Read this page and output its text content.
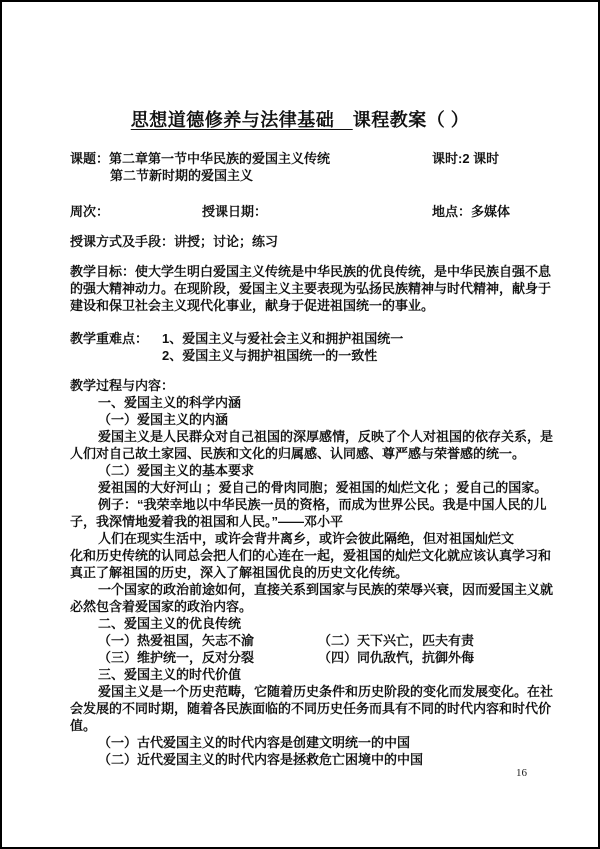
思想道德修养与法律基础　课程教案（ ）
课题：第二章第一节中华民族的爱国主义传统	课时:2 课时
第二节新时期的爱国主义
周次：	授课日期：	地点：多媒体
授课方式及手段：讲授；讨论；练习
教学目标：使大学生明白爱国主义传统是中华民族的优良传统，是中华民族自强不息
的强大精神动力。在现阶段，爱国主义主要表现为弘扬民族精神与时代精神，献身于
建设和保卫社会主义现代化事业，献身于促进祖国统一的事业。
教学重难点： 1、爱国主义与爱社会主义和拥护祖国统一
2、爱国主义与拥护祖国统一的一致性
教学过程与内容：
一、爱国主义的科学内涵
（一）爱国主义的内涵
爱国主义是人民群众对自己祖国的深厚感情，反映了个人对祖国的依存关系，是
人们对自己故土家园、民族和文化的归属感、认同感、尊严感与荣誉感的统一。
（二）爱国主义的基本要求
爱祖国的大好河山 ；爱自己的骨肉同胞；爱祖国的灿烂文化 ；爱自己的国家。
例子：“我荣幸地以中华民族一员的资格，而成为世界公民。我是中国人民的儿
子，我深情地爱着我的祖国和人民。”——邓小平
人们在现实生活中，或许会背井离乡，或许会彼此隔绝，但对祖国灿烂文
化和历史传统的认同总会把人们的心连在一起，爱祖国的灿烂文化就应该认真学习和
真正了解祖国的历史，深入了解祖国优良的历史文化传统。
一个国家的政治前途如何，直接关系到国家与民族的荣辱兴衰，因而爱国主义就
必然包含着爱国家的政治内容。
二、爱国主义的优良传统
（一）热爱祖国，矢志不渝	（二）天下兴亡，匹夫有责
（三）维护统一，反对分裂	（四）同仇敌忾，抗御外侮
三、爱国主义的时代价值
爱国主义是一个历史范畴，它随着历史条件和历史阶段的变化而发展变化。在社
会发展的不同时期，随着各民族面临的不同历史任务而具有不同的时代内容和时代价
值。
（一）古代爱国主义的时代内容是创建文明统一的中国
（二）近代爱国主义的时代内容是拯救危亡困境中的中国
16
